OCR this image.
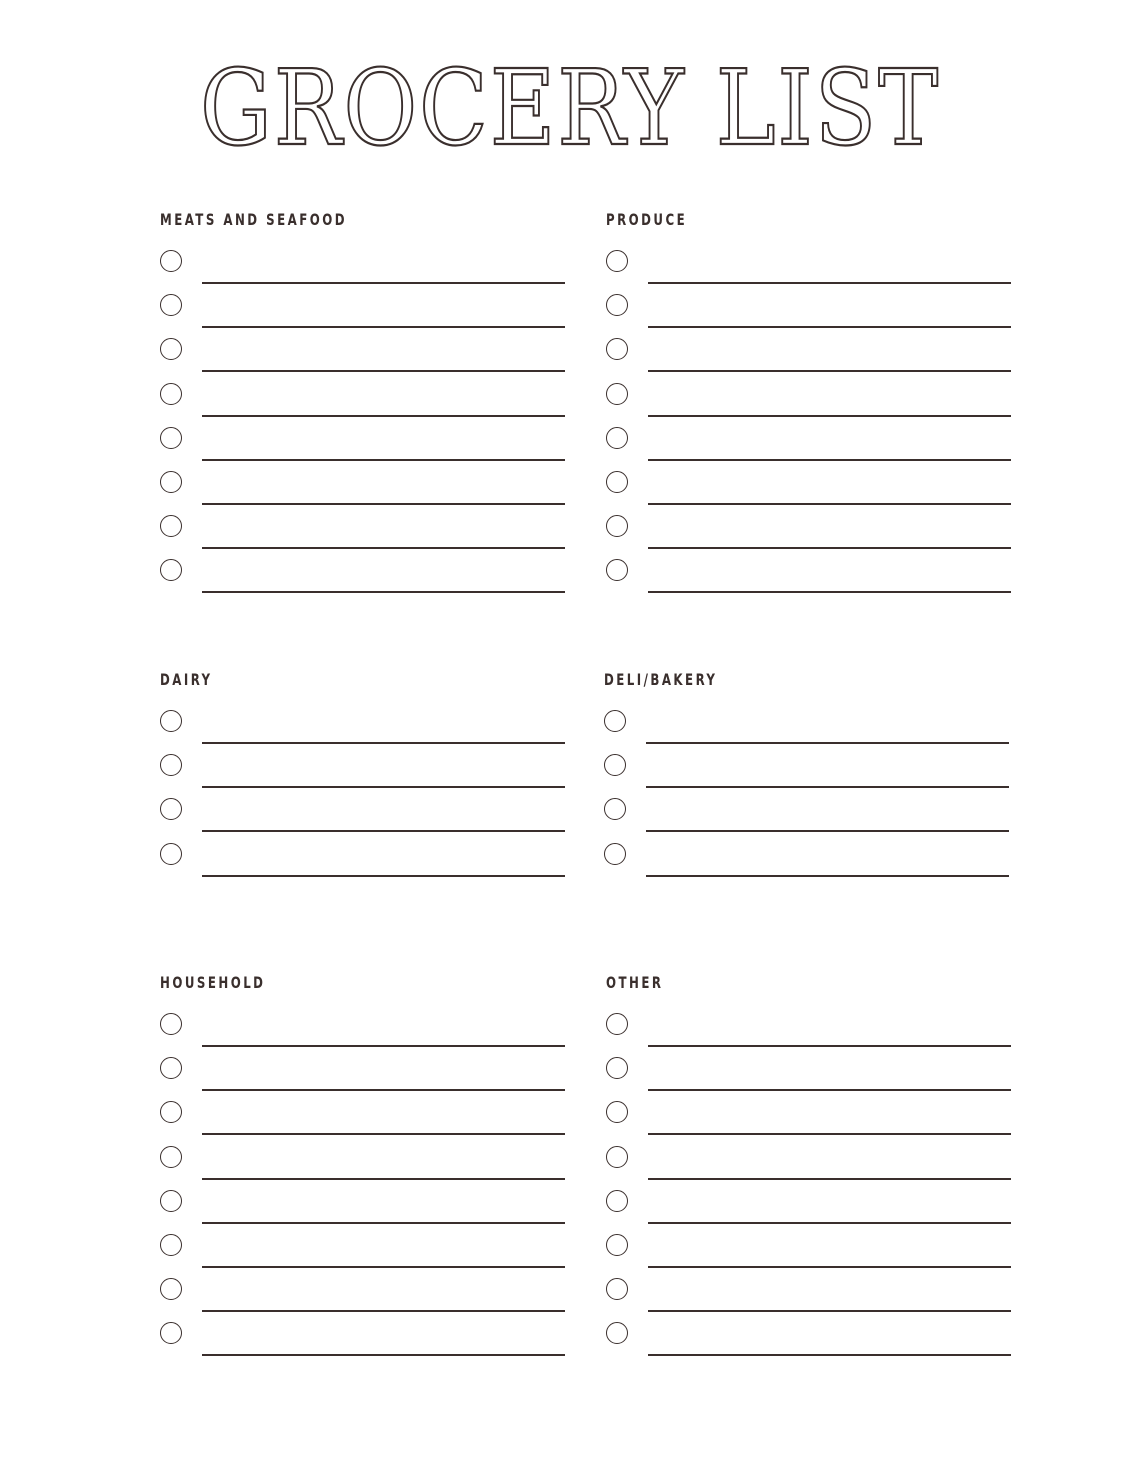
GROCERY LIST
MEATS AND SEAFOOD	PRODUCE
DAIRY	DELI/BAKERY
HOUSEHOLD	OTHER
